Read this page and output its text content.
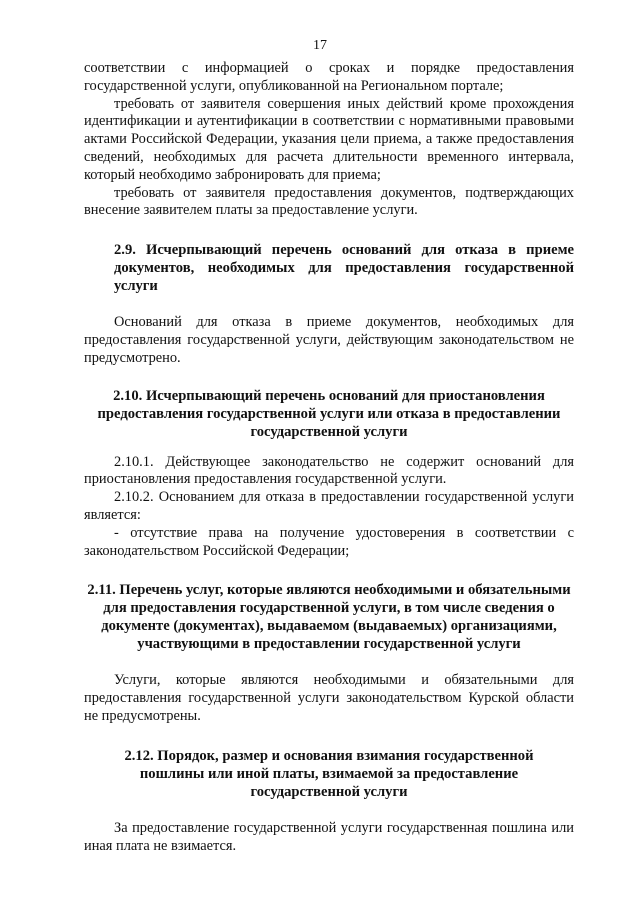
17

соответствии с информацией о сроках и порядке предоставления государственной услуги, опубликованной на Региональном портале;

требовать от заявителя совершения иных действий кроме прохождения идентификации и аутентификации в соответствии с нормативными правовыми актами Российской Федерации, указания цели приема, а также предоставления сведений, необходимых для расчета длительности временного интервала, который необходимо забронировать для приема;

требовать от заявителя предоставления документов, подтверждающих внесение заявителем платы за предоставление услуги.

2.9. Исчерпывающий перечень оснований для отказа в приеме документов, необходимых для предоставления государственной услуги

Оснований для отказа в приеме документов, необходимых для предоставления государственной услуги, действующим законодательством не предусмотрено.

2.10. Исчерпывающий перечень оснований для приостановления предоставления государственной услуги или отказа в предоставлении государственной услуги

2.10.1. Действующее законодательство не содержит оснований для приостановления предоставления государственной услуги.

2.10.2. Основанием для отказа в предоставлении государственной услуги является:

- отсутствие права на получение удостоверения в соответствии с законодательством Российской Федерации;

2.11. Перечень услуг, которые являются необходимыми и обязательными для предоставления государственной услуги, в том числе сведения о документе (документах), выдаваемом (выдаваемых) организациями, участвующими в предоставлении государственной услуги

Услуги, которые являются необходимыми и обязательными для предоставления государственной услуги законодательством Курской области не предусмотрены.

2.12. Порядок, размер и основания взимания государственной пошлины или иной платы, взимаемой за предоставление государственной услуги

За предоставление государственной услуги государственная пошлина или иная плата не взимается.
